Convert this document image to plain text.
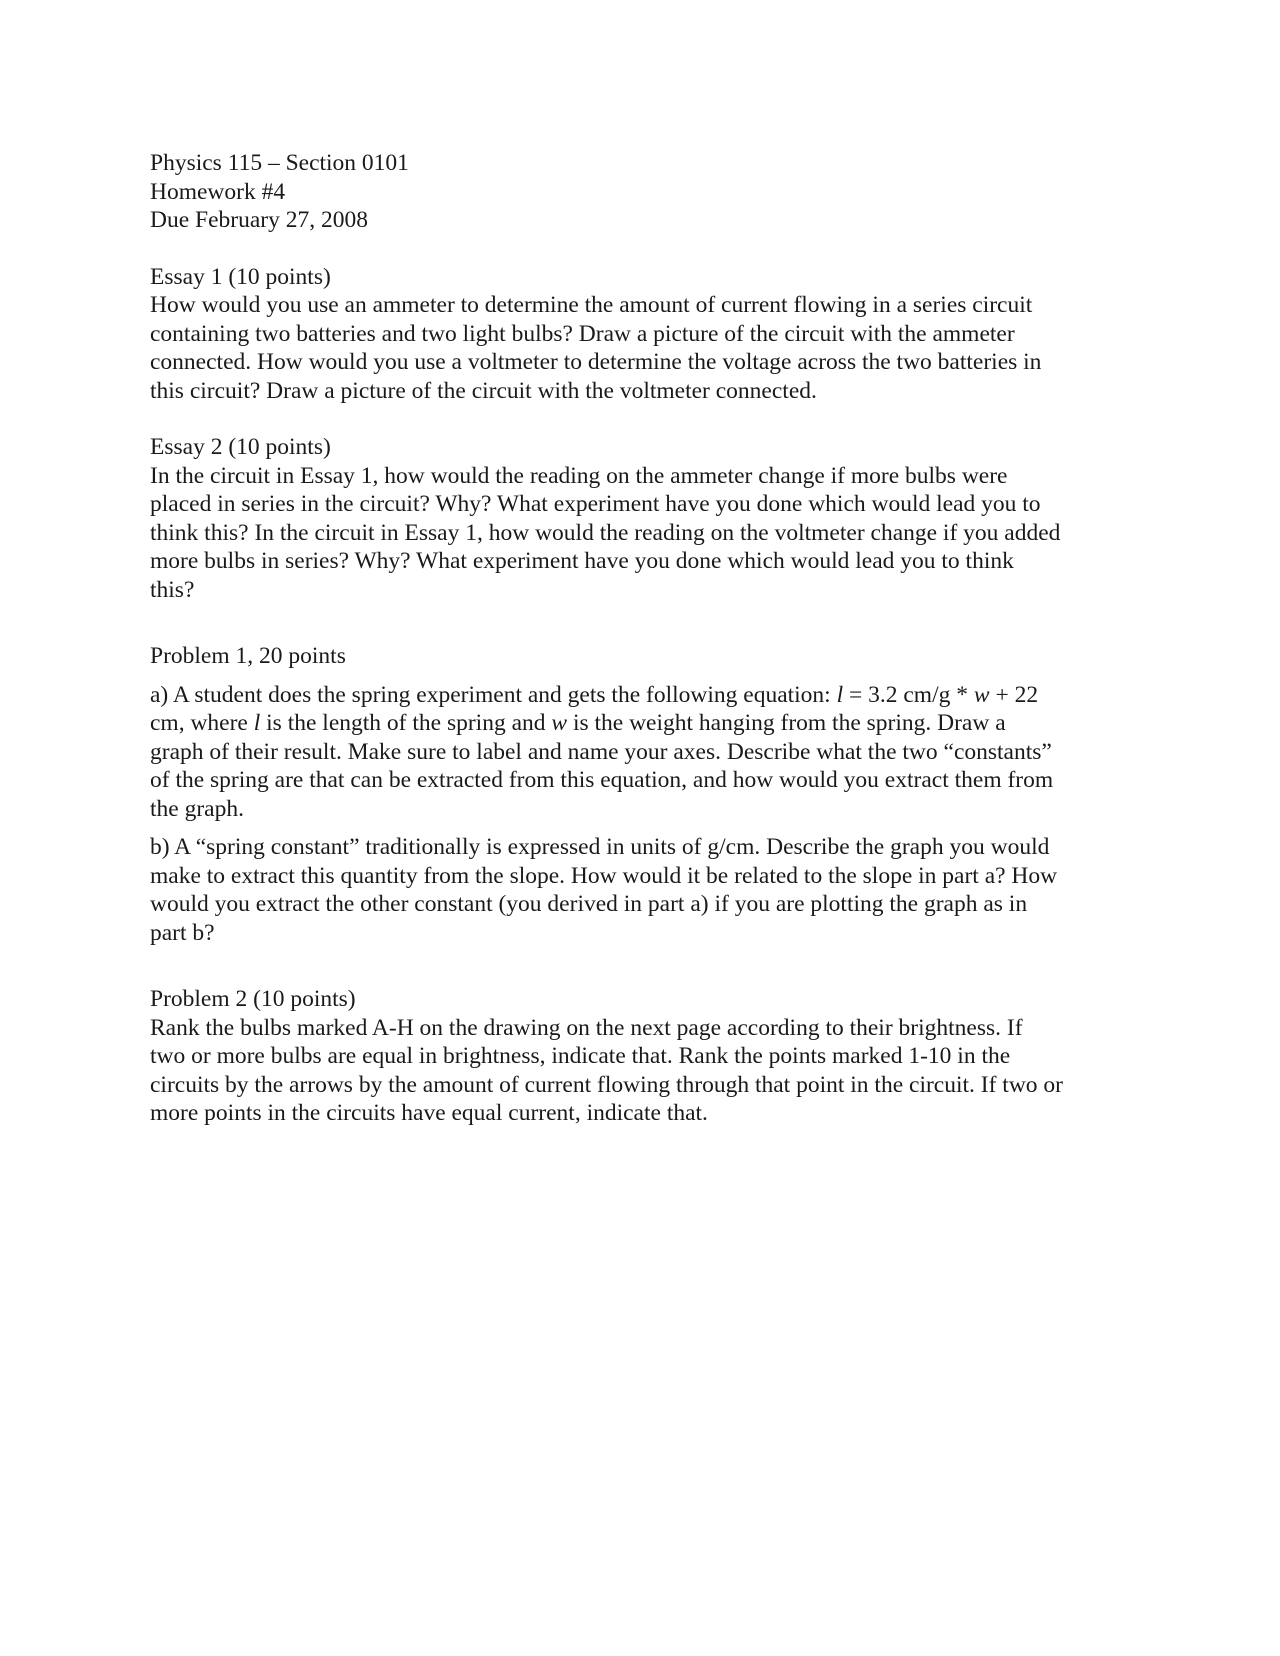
Physics 115 – Section 0101
Homework #4
Due February 27, 2008
Essay 1 (10 points)
How would you use an ammeter to determine the amount of current flowing in a series circuit
containing two batteries and two light bulbs? Draw a picture of the circuit with the ammeter
connected. How would you use a voltmeter to determine the voltage across the two batteries in
this circuit? Draw a picture of the circuit with the voltmeter connected.
Essay 2 (10 points)
In the circuit in Essay 1, how would the reading on the ammeter change if more bulbs were
placed in series in the circuit? Why? What experiment have you done which would lead you to
think this? In the circuit in Essay 1, how would the reading on the voltmeter change if you added
more bulbs in series? Why? What experiment have you done which would lead you to think
this?
Problem 1, 20 points
a) A student does the spring experiment and gets the following equation: l = 3.2 cm/g * w + 22
cm, where l is the length of the spring and w is the weight hanging from the spring. Draw a
graph of their result. Make sure to label and name your axes. Describe what the two “constants”
of the spring are that can be extracted from this equation, and how would you extract them from
the graph.
b) A “spring constant” traditionally is expressed in units of g/cm. Describe the graph you would
make to extract this quantity from the slope. How would it be related to the slope in part a? How
would you extract the other constant (you derived in part a) if you are plotting the graph as in
part b?
Problem 2 (10 points)
Rank the bulbs marked A-H on the drawing on the next page according to their brightness. If
two or more bulbs are equal in brightness, indicate that. Rank the points marked 1-10 in the
circuits by the arrows by the amount of current flowing through that point in the circuit. If two or
more points in the circuits have equal current, indicate that.
